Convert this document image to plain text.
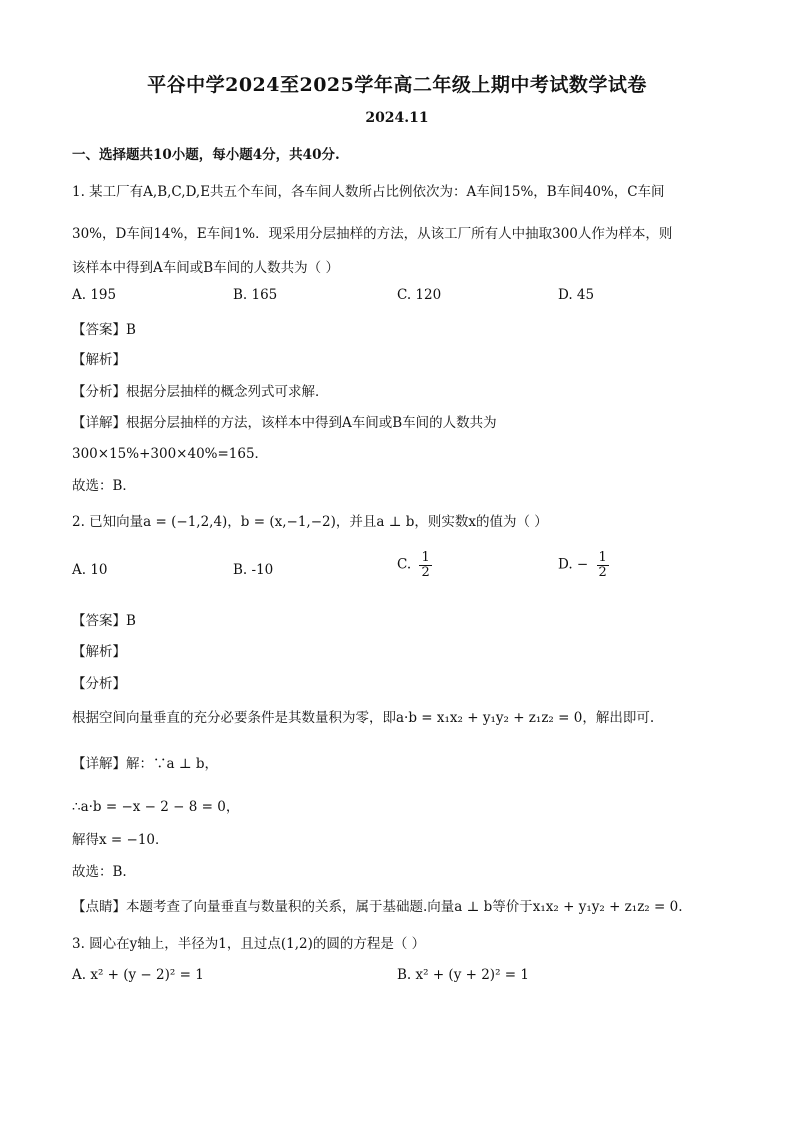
平谷中学2024至2025学年高二年级上期中考试数学试卷
2024.11
一、选择题共10小题，每小题4分，共40分.
1. 某工厂有A,B,C,D,E共五个车间，各车间人数所占比例依次为：A车间15%，B车间40%，C车间
30%，D车间14%，E车间1%．现采用分层抽样的方法，从该工厂所有人中抽取300人作为样本，则
该样本中得到A车间或B车间的人数共为（ ）
A. 195	B. 165	C. 120	D. 45
【答案】B
【解析】
【分析】根据分层抽样的概念列式可求解．
【详解】根据分层抽样的方法，该样本中得到A车间或B车间的人数共为
300×15%+300×40%=165．
故选：B．
2. 已知向量a = (−1,2,4)，b = (x,−1,−2)，并且a ⊥ b，则实数x的值为（ ）
A. 10	B. -10	C. $\frac{1}{2}$	D. − $\frac{1}{2}$
【答案】B
【解析】
【分析】
根据空间向量垂直的充分必要条件是其数量积为零，即a·b = x₁x₂ + y₁y₂ + z₁z₂ = 0，解出即可.
【详解】解：∵a ⊥ b，
∴a·b = −x − 2 − 8 = 0，
解得x = −10．
故选：B.
【点睛】本题考查了向量垂直与数量积的关系，属于基础题.向量a ⊥ b等价于x₁x₂ + y₁y₂ + z₁z₂ = 0.
3. 圆心在y轴上，半径为1，且过点(1,2)的圆的方程是（ ）
A. x² + (y − 2)² = 1	B. x² + (y + 2)² = 1
